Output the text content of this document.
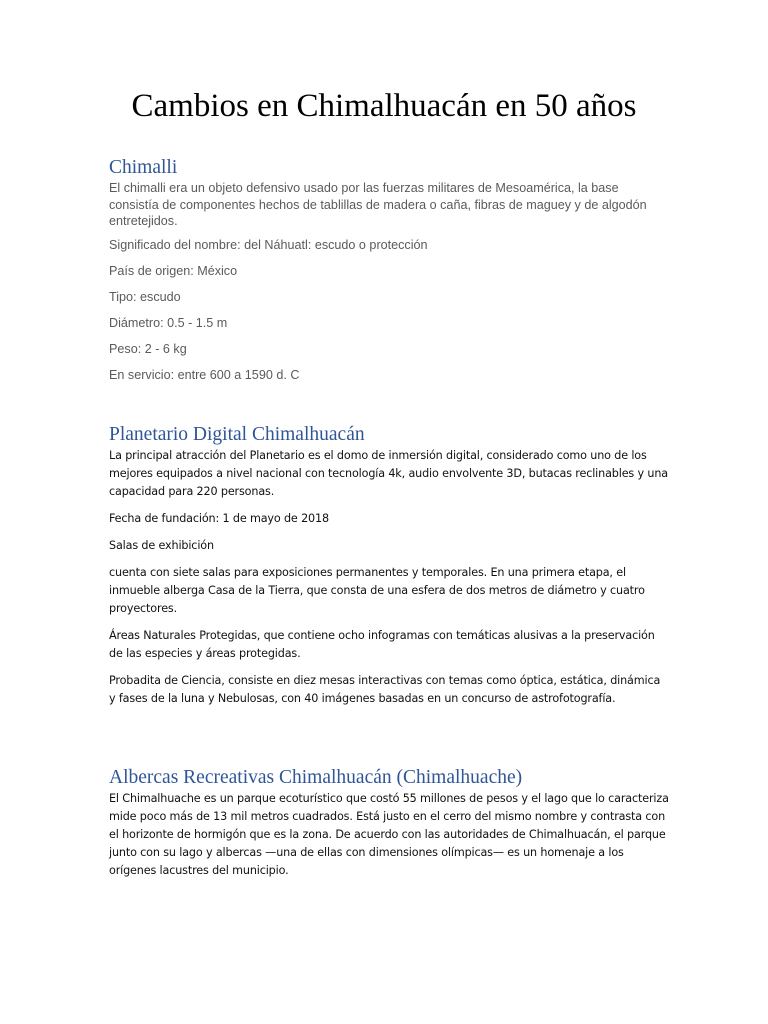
Cambios en Chimalhuacán en 50 años
Chimalli
El chimalli era un objeto defensivo usado por las fuerzas militares de Mesoamérica, la base consistía de componentes hechos de tablillas de madera o caña, fibras de maguey y de algodón entretejidos.
Significado del nombre: del Náhuatl: escudo o protección
País de origen: México
Tipo: escudo
Diámetro: 0.5 - 1.5 m
Peso: 2 - 6 kg
En servicio: entre 600 a 1590 d. C
Planetario Digital Chimalhuacán
La principal atracción del Planetario es el domo de inmersión digital, considerado como uno de los mejores equipados a nivel nacional con tecnología 4k, audio envolvente 3D, butacas reclinables y una capacidad para 220 personas.
Fecha de fundación: 1 de mayo de 2018
Salas de exhibición
cuenta con siete salas para exposiciones permanentes y temporales. En una primera etapa, el inmueble alberga Casa de la Tierra, que consta de una esfera de dos metros de diámetro y cuatro proyectores.
Áreas Naturales Protegidas, que contiene ocho infogramas con temáticas alusivas a la preservación de las especies y áreas protegidas.
Probadita de Ciencia, consiste en diez mesas interactivas con temas como óptica, estática, dinámica y fases de la luna y Nebulosas, con 40 imágenes basadas en un concurso de astrofotografía.
Albercas Recreativas Chimalhuacán (Chimalhuache)
El Chimalhuache es un parque ecoturístico que costó 55 millones de pesos y el lago que lo caracteriza mide poco más de 13 mil metros cuadrados. Está justo en el cerro del mismo nombre y contrasta con el horizonte de hormigón que es la zona. De acuerdo con las autoridades de Chimalhuacán, el parque junto con su lago y albercas —una de ellas con dimensiones olímpicas— es un homenaje a los orígenes lacustres del municipio.
